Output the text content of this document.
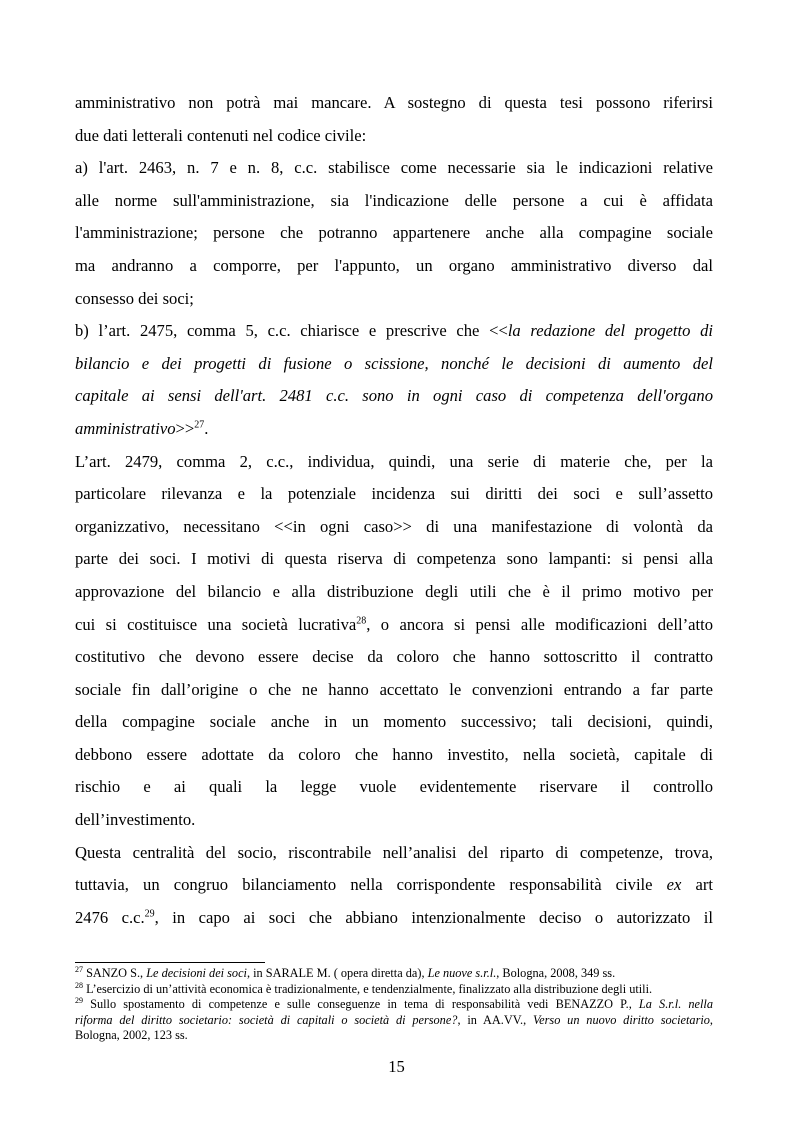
amministrativo non potrà mai mancare. A sostegno di questa tesi possono riferirsi
due dati letterali contenuti nel codice civile:
a) l'art. 2463, n. 7 e n. 8, c.c. stabilisce come necessarie sia le indicazioni relative
alle norme sull'amministrazione, sia l'indicazione delle persone a cui è affidata
l'amministrazione; persone che potranno appartenere anche alla compagine sociale
ma andranno a comporre, per l'appunto, un organo amministrativo diverso dal
consesso dei soci;
b) l’art. 2475, comma 5, c.c. chiarisce e prescrive che <<la redazione del progetto di
bilancio e dei progetti di fusione o scissione, nonché le decisioni di aumento del
capitale ai sensi dell'art. 2481 c.c. sono in ogni caso di competenza dell'organo
amministrativo>>$^{27}$.
L’art. 2479, comma 2, c.c., individua, quindi, una serie di materie che, per la
particolare rilevanza e la potenziale incidenza sui diritti dei soci e sull’assetto
organizzativo, necessitano <<in ogni caso>> di una manifestazione di volontà da
parte dei soci. I motivi di questa riserva di competenza sono lampanti: si pensi alla
approvazione del bilancio e alla distribuzione degli utili che è il primo motivo per
cui si costituisce una società lucrativa$^{28}$, o ancora si pensi alle modificazioni dell’atto
costitutivo che devono essere decise da coloro che hanno sottoscritto il contratto
sociale fin dall’origine o che ne hanno accettato le convenzioni entrando a far parte
della compagine sociale anche in un momento successivo; tali decisioni, quindi,
debbono essere adottate da coloro che hanno investito, nella società, capitale di
rischio e ai quali la legge vuole evidentemente riservare il controllo
dell’investimento.
Questa centralità del socio, riscontrabile nell’analisi del riparto di competenze, trova,
tuttavia, un congruo bilanciamento nella corrispondente responsabilità civile ex art
2476 c.c.$^{29}$, in capo ai soci che abbiano intenzionalmente deciso o autorizzato il
$^{27}$ SANZO S., Le decisioni dei soci, in SARALE M. ( opera diretta da), Le nuove s.r.l., Bologna, 2008, 349 ss.
$^{28}$ L’esercizio di un’attività economica è tradizionalmente, e tendenzialmente, finalizzato alla distribuzione degli utili.
$^{29}$ Sullo spostamento di competenze e sulle conseguenze in tema di responsabilità vedi BENAZZO P., La S.r.l. nella
riforma del diritto societario: società di capitali o società di persone?, in AA.VV., Verso un nuovo diritto societario,
Bologna, 2002, 123 ss.
15
